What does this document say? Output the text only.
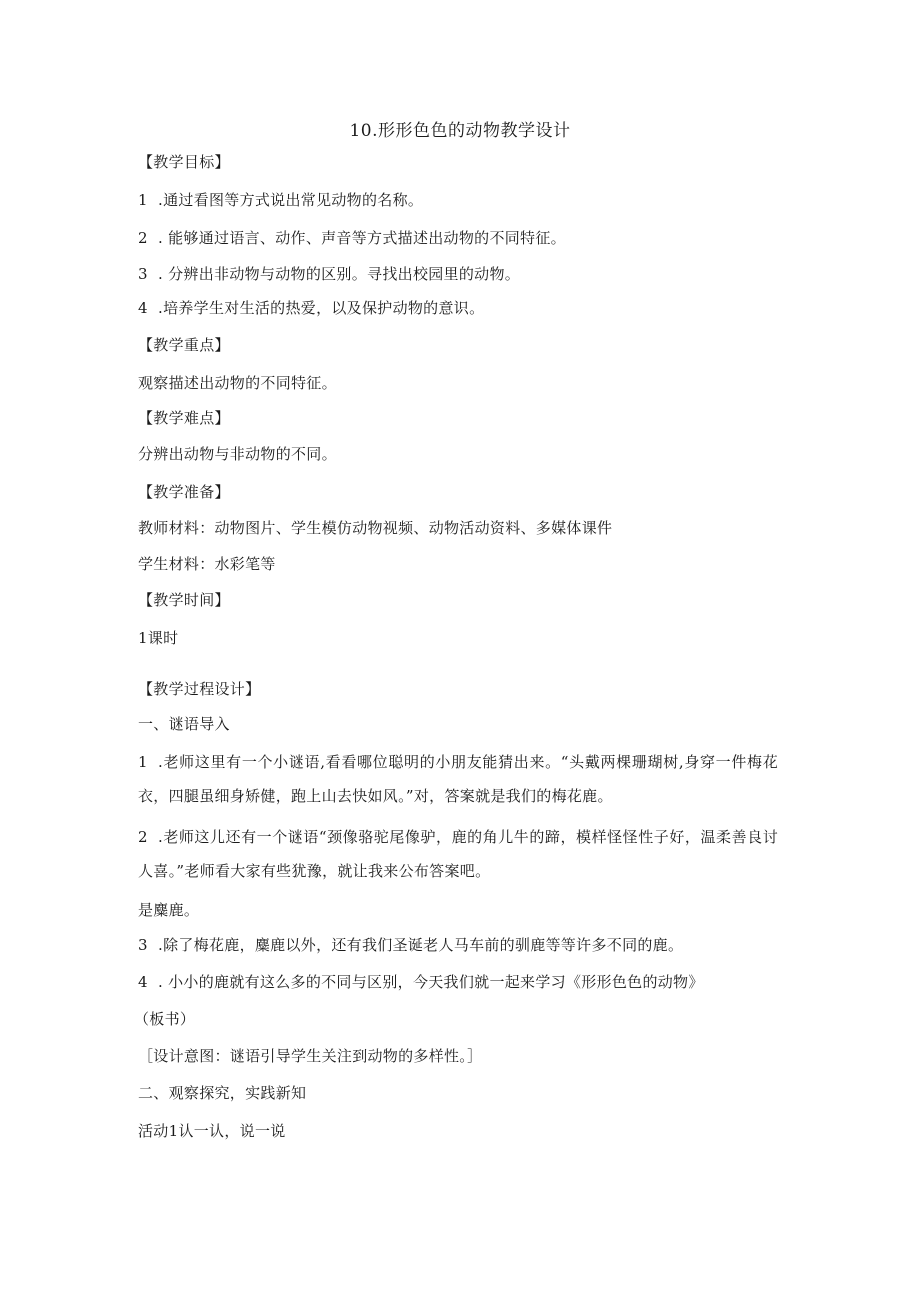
10.形形色色的动物教学设计
【教学目标】
1 .通过看图等方式说出常见动物的名称。
2 . 能够通过语言、动作、声音等方式描述出动物的不同特征。
3 . 分辨出非动物与动物的区别。寻找出校园里的动物。
4 .培养学生对生活的热爱，以及保护动物的意识。
【教学重点】
观察描述出动物的不同特征。
【教学难点】
分辨出动物与非动物的不同。
【教学准备】
教师材料：动物图片、学生模仿动物视频、动物活动资料、多媒体课件
学生材料：水彩笔等
【教学时间】
1课时
【教学过程设计】
一、谜语导入
1 .老师这里有一个小谜语,看看哪位聪明的小朋友能猜出来。“头戴两棵珊瑚树,身穿一件梅花衣，四腿虽细身矫健，跑上山去快如风。”对，答案就是我们的梅花鹿。
2 .老师这儿还有一个谜语“颈像骆驼尾像驴，鹿的角儿牛的蹄，模样怪怪性子好，温柔善良讨人喜。”老师看大家有些犹豫，就让我来公布答案吧。
是麋鹿。
3 .除了梅花鹿，麋鹿以外，还有我们圣诞老人马车前的驯鹿等等许多不同的鹿。
4 . 小小的鹿就有这么多的不同与区别，今天我们就一起来学习《形形色色的动物》
（板书）
［设计意图：谜语引导学生关注到动物的多样性。］
二、观察探究，实践新知
活动1认一认，说一说
